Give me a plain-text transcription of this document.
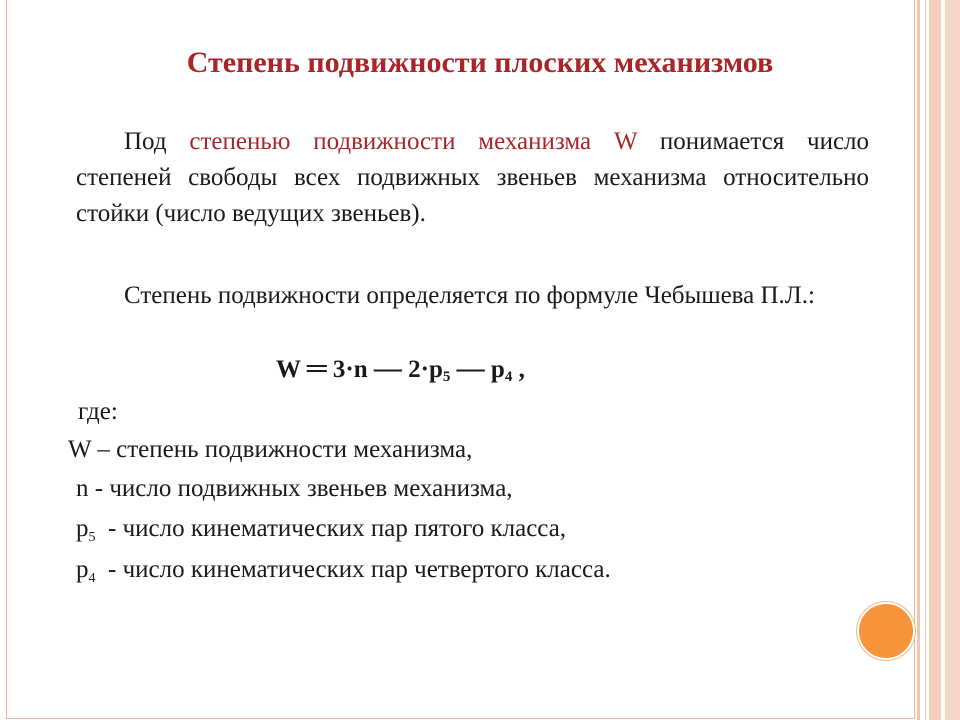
Степень подвижности плоских механизмов
Под степенью подвижности механизма W понимается число степеней свободы всех подвижных звеньев механизма относительно стойки (число ведущих звеньев).
Степень подвижности определяется по формуле Чебышева П.Л.:
W ═ 3·n — $2\cdot p_5$ — $p_4$ ,
где:
W – степень подвижности механизма,
n - число подвижных звеньев механизма,
$p_5$  - число кинематических пар пятого класса,
$p_4$  - число кинематических пар четвертого класса.
